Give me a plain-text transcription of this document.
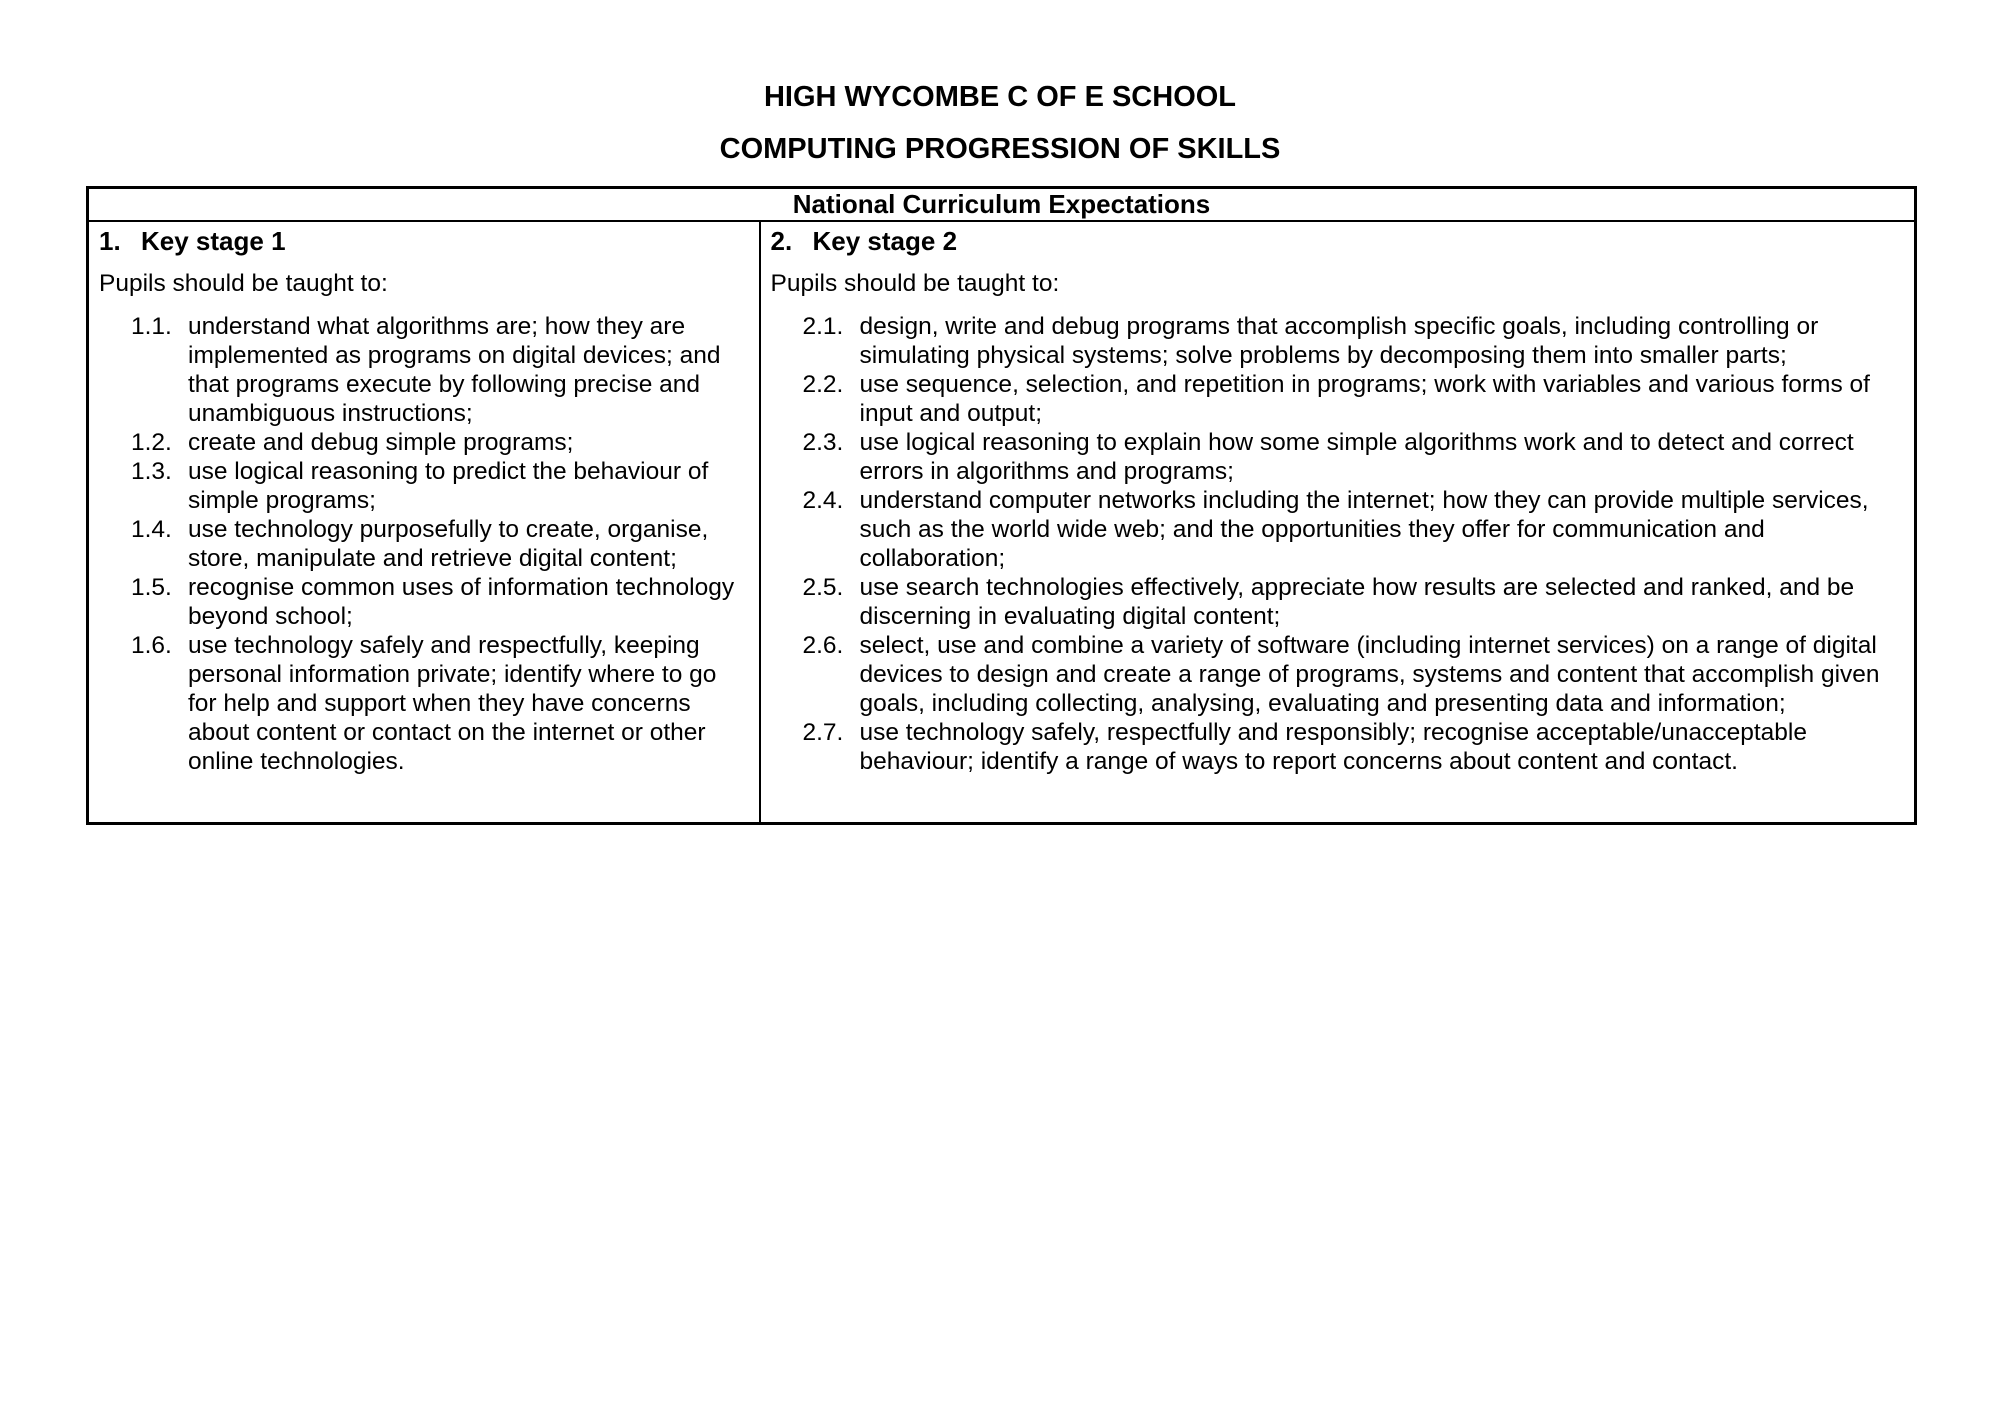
HIGH WYCOMBE C OF E SCHOOL

COMPUTING PROGRESSION OF SKILLS

National Curriculum Expectations

1. Key stage 1

Pupils should be taught to:

1.1. understand what algorithms are; how they are implemented as programs on digital devices; and that programs execute by following precise and unambiguous instructions;
1.2. create and debug simple programs;
1.3. use logical reasoning to predict the behaviour of simple programs;
1.4. use technology purposefully to create, organise, store, manipulate and retrieve digital content;
1.5. recognise common uses of information technology beyond school;
1.6. use technology safely and respectfully, keeping personal information private; identify where to go for help and support when they have concerns about content or contact on the internet or other online technologies.

2. Key stage 2

Pupils should be taught to:

2.1. design, write and debug programs that accomplish specific goals, including controlling or simulating physical systems; solve problems by decomposing them into smaller parts;
2.2. use sequence, selection, and repetition in programs; work with variables and various forms of input and output;
2.3. use logical reasoning to explain how some simple algorithms work and to detect and correct errors in algorithms and programs;
2.4. understand computer networks including the internet; how they can provide multiple services, such as the world wide web; and the opportunities they offer for communication and collaboration;
2.5. use search technologies effectively, appreciate how results are selected and ranked, and be discerning in evaluating digital content;
2.6. select, use and combine a variety of software (including internet services) on a range of digital devices to design and create a range of programs, systems and content that accomplish given goals, including collecting, analysing, evaluating and presenting data and information;
2.7. use technology safely, respectfully and responsibly; recognise acceptable/unacceptable behaviour; identify a range of ways to report concerns about content and contact.
